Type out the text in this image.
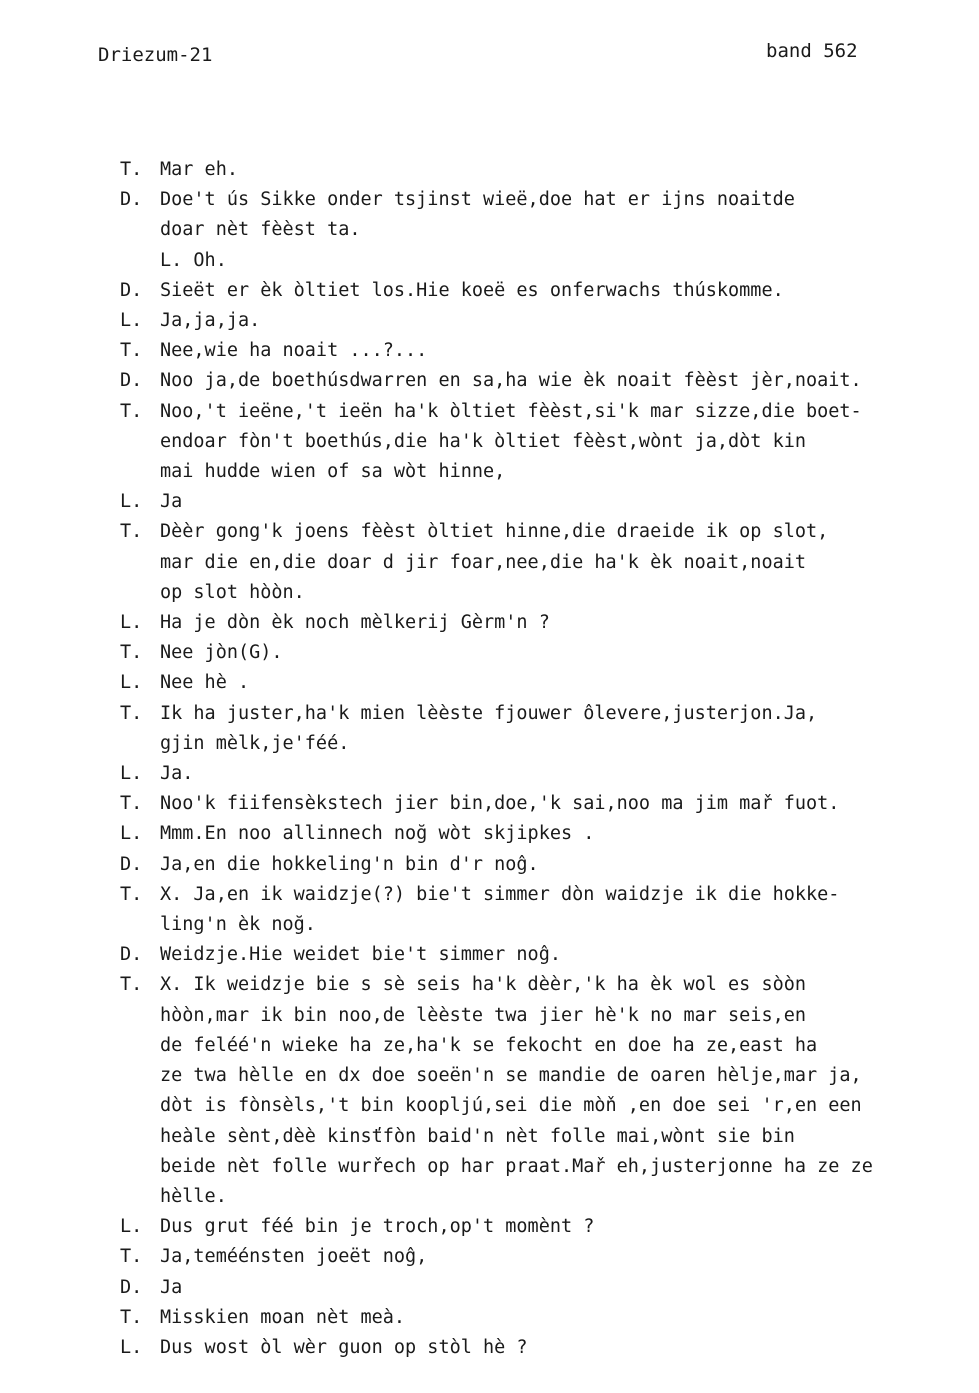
Driezum-21	band 562
T. Mar eh.
D. Doe't ús Sikke onder tsjinst wieë,doe hat er ijns noaitde
doar nèt fèèst ta.
L. Oh.
D. Sieët er èk òltiet los.Hie koeë es onferwachs thúskomme.
L. Ja,ja,ja.
T. Nee,wie ha noait ...?...
D. Noo ja,de boethúsdwarren en sa,ha wie èk noait fèèst jèr,noait.
T. Noo,'t ieëne,'t ieën ha'k òltiet fèèst,si'k mar sizze,die boet-
endoar fòn't boethús,die ha'k òltiet fèèst,wònt ja,dòt kin
mai hudde wien of sa wòt hinne,
L. Ja
T. Dèèr gong'k joens fèèst òltiet hinne,die draeide ik op slot,
mar die en,die doar d jir foar,nee,die ha'k èk noait,noait
op slot hòòn.
L. Ha je dòn èk noch mèlkerij Gèrm'n ?
T. Nee jòn(G).
L. Nee hè .
T. Ik ha juster,ha'k mien lèèste fjouwer ôlevere,justerjon.Ja,
gjin mèlk,je'féé.
L. Ja.
T. Noo'k fiifensèkstech jier bin,doe,'k sai,noo ma jim mař fuot.
L. Mmm.En noo allinnech noğ wòt skjipkes .
D. Ja,en die hokkeling'n bin d'r noĝ.
T. X. Ja,en ik waidzje(?) bie't simmer dòn waidzje ik die hokke-
ling'n èk noğ.
D. Weidzje.Hie weidet bie't simmer noĝ.
T. X. Ik weidzje bie s sè seis ha'k dèèr,'k ha èk wol es sòòn
hòòn,mar ik bin noo,de lèèste twa jier hè'k no mar seis,en
de feléé'n wieke ha ze,ha'k se fekocht en doe ha ze,east ha
ze twa hèlle en dx doe soeën'n se mandie de oaren hèlje,mar ja,
dòt is fònsèls,'t bin koopljú,sei die mòň ,en doe sei 'r,en een
heàle sènt,dèè kinsťfòn baid'n nèt folle mai,wònt sie bin
beide nèt folle wurřech op har praat.Mař eh,justerjonne ha ze ze
hèlle.
L. Dus grut féé bin je troch,op't momènt ?
T. Ja,teméénsten joeët noĝ,
D. Ja
T. Misskien moan nèt meà.
L. Dus wost òl wèr guon op stòl hè ?
